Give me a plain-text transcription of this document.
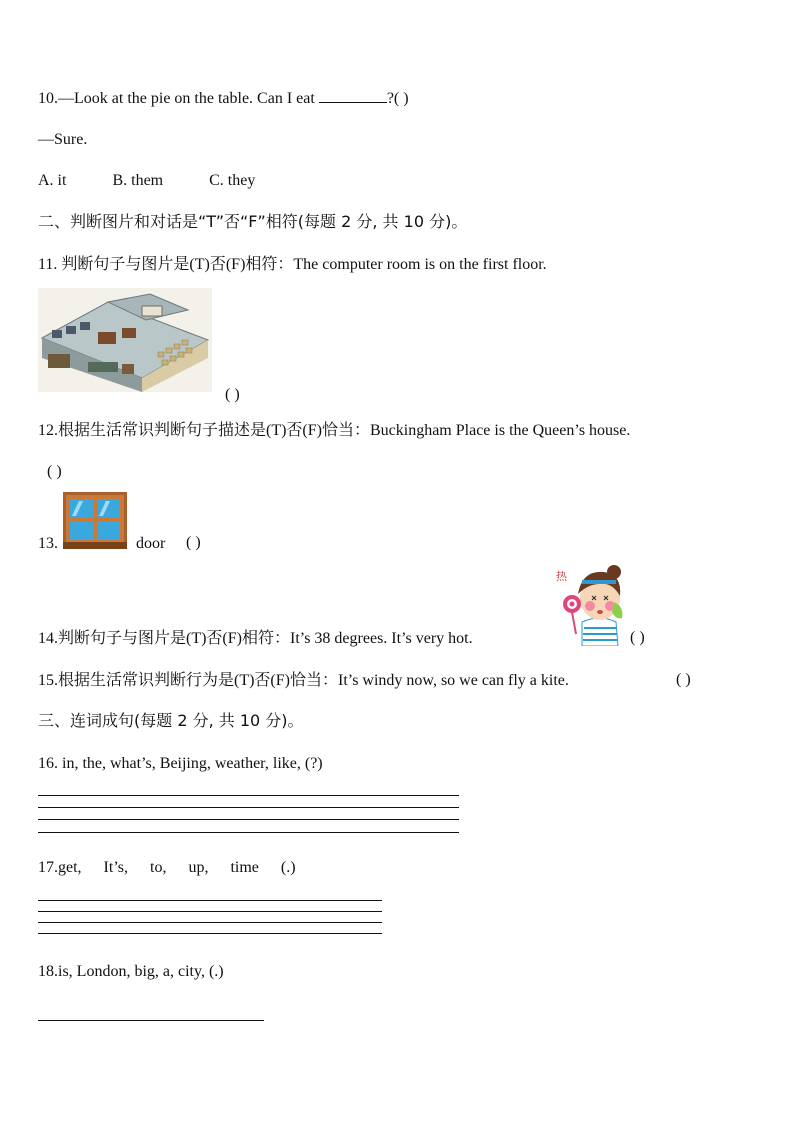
10.—Look at the pie on the table. Can I eat	?( )
—Sure.
A. it	B. them	C. they
二、判断图片和对话是“T”否“F”相符(每题 2 分, 共 10 分)。
11. 判断句子与图片是(T)否(F)相符：The computer room is on the first floor.
( )
12.根据生活常识判断句子描述是(T)否(F)恰当：Buckingham Place is the Queen’s house.
( )
13.	door ( )
14.判断句子与图片是(T)否(F)相符：It’s 38 degrees. It’s very hot.
热
( )
15.根据生活常识判断行为是(T)否(F)恰当：It’s windy now, so we can fly a kite.	( )
三、连词成句(每题 2 分, 共 10 分)。
16. in, the, what’s, Beijing, weather, like, (?)
17.get, It’s, to, up, time (.)
18.is, London, big, a, city, (.)
